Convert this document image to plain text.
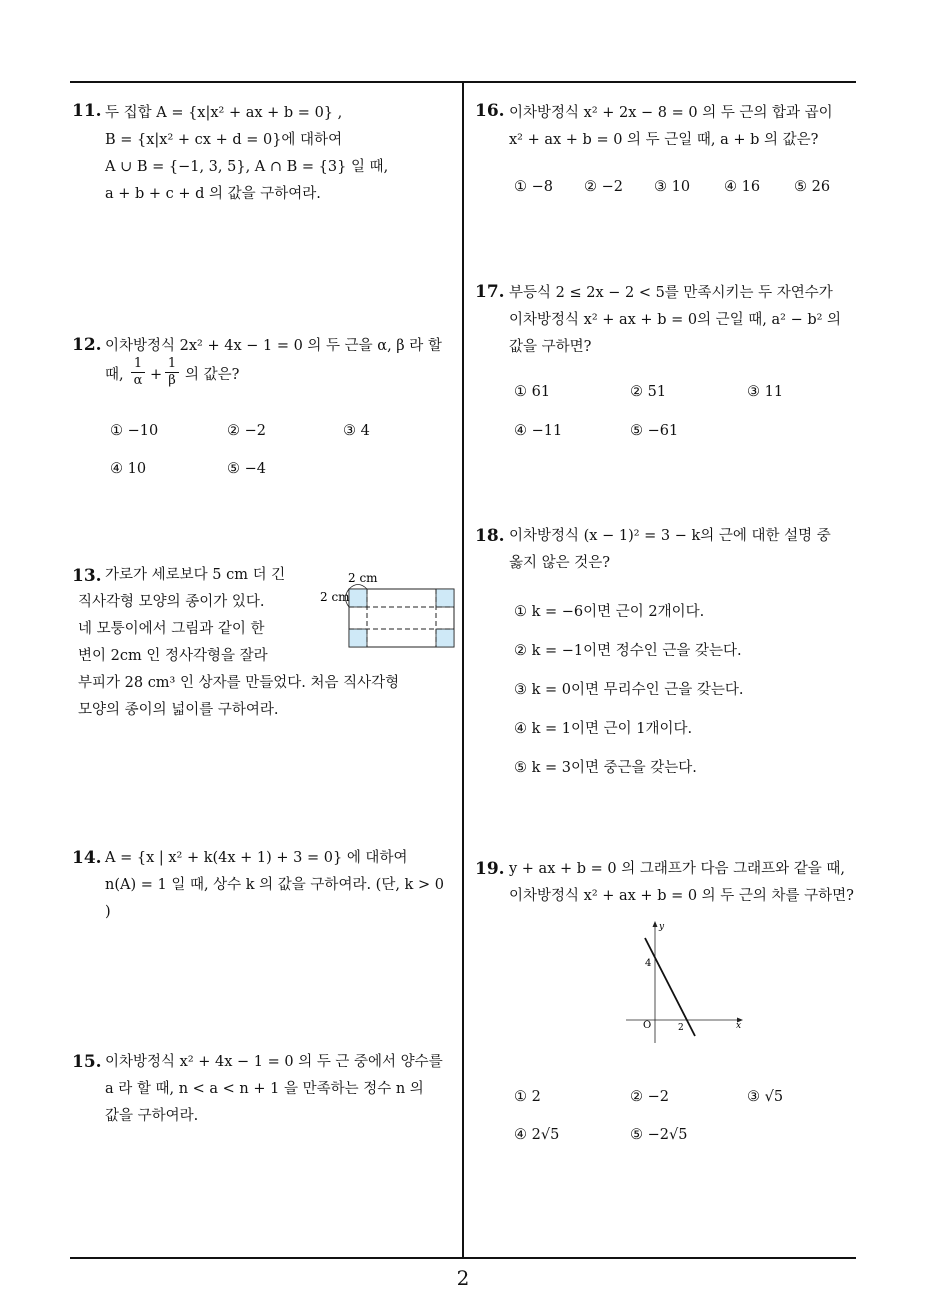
11. 두 집합 A = {x|x² + ax + b = 0} ,
B = {x|x² + cx + d = 0}에 대하여
A ∪ B = {−1, 3, 5}, A ∩ B = {3} 일 때,
a + b + c + d 의 값을 구하여라.
12. 이차방정식 2x² + 4x − 1 = 0 의 두 근을 α, β 라 할
때, $\frac{1}{\alpha} + \frac{1}{\beta}$ 의 값은?
① −10	② −2	③ 4
④ 10	⑤ −4
13. 가로가 세로보다 5 cm 더 긴
직사각형 모양의 종이가 있다.
네 모퉁이에서 그림과 같이 한
변이 2cm 인 정사각형을 잘라
부피가 28 cm³ 인 상자를 만들었다. 처음 직사각형
모양의 종이의 넓이를 구하여라.
2 cm
2 cm
14. A = {x | x² + k(4x + 1) + 3 = 0} 에 대하여
n(A) = 1 일 때, 상수 k 의 값을 구하여라. (단, k > 0
)
15. 이차방정식 x² + 4x − 1 = 0 의 두 근 중에서 양수를
a 라 할 때, n < a < n + 1 을 만족하는 정수 n 의
값을 구하여라.
16. 이차방정식 x² + 2x − 8 = 0 의 두 근의 합과 곱이
x² + ax + b = 0 의 두 근일 때, a + b 의 값은?
① −8 ② −2 ③ 10 ④ 16 ⑤ 26
17. 부등식 2 ≤ 2x − 2 < 5를 만족시키는 두 자연수가
이차방정식 x² + ax + b = 0의 근일 때, a² − b² 의
값을 구하면?
① 61	② 51	③ 11
④ −11	⑤ −61
18. 이차방정식 (x − 1)² = 3 − k의 근에 대한 설명 중
옳지 않은 것은?
① k = −6이면 근이 2개이다.
② k = −1이면 정수인 근을 갖는다.
③ k = 0이면 무리수인 근을 갖는다.
④ k = 1이면 근이 1개이다.
⑤ k = 3이면 중근을 갖는다.
19. y + ax + b = 0 의 그래프가 다음 그래프와 같을 때,
이차방정식 x² + ax + b = 0 의 두 근의 차를 구하면?
y
x
O
4
2
① 2	② −2	③ √5
④ 2√5	⑤ −2√5
2
